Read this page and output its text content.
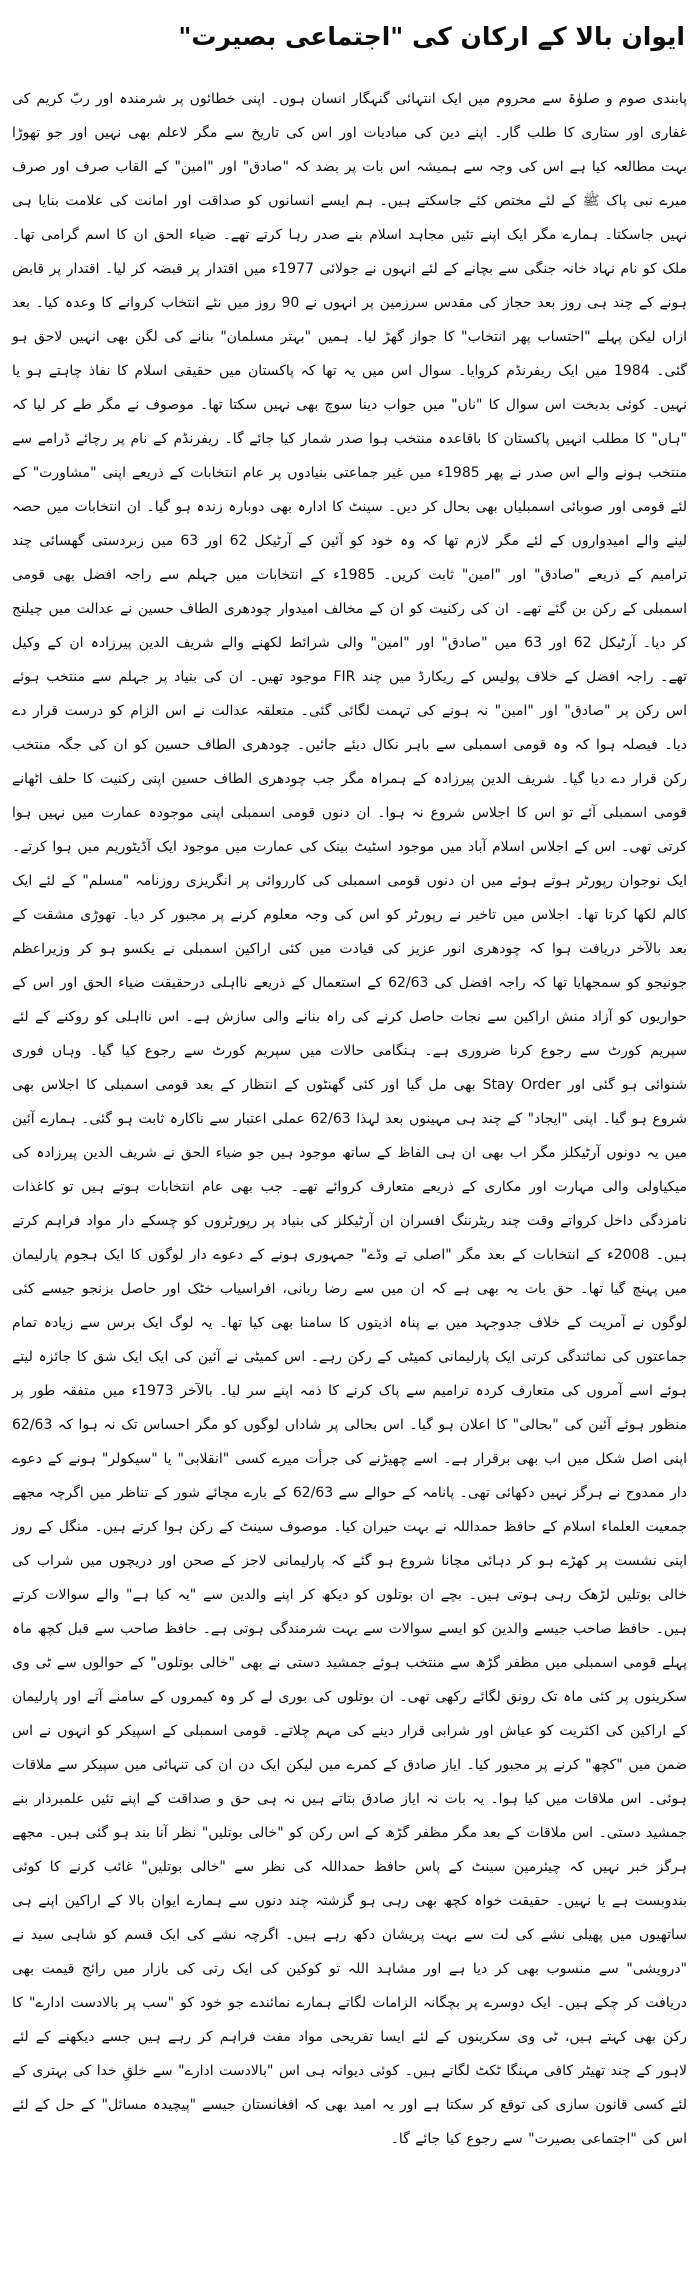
ایوان بالا کے ارکان کی "اجتماعی بصیرت"

پابندی صوم و صلوٰۃ سے محروم میں ایک انتہائی گنہگار انسان ہوں۔ اپنی خطائوں پر شرمندہ اور ربّ کریم کی غفاری اور ستاری کا طلب گار۔ اپنے دین کی مبادیات اور اس کی تاریخ سے مگر لاعلم بھی نہیں اور جو تھوڑا بہت مطالعہ کیا ہے اس کی وجہ سے ہمیشہ اس بات پر بضد کہ "صادق" اور "امین" کے القاب صرف اور صرف میرے نبی پاک ﷺ کے لئے مختص کئے جاسکتے ہیں۔ ہم ایسے انسانوں کو صداقت اور امانت کی علامت بنایا ہی نہیں جاسکتا۔ ہمارے مگر ایک اپنے تئیں مجاہد اسلام بنے صدر رہا کرتے تھے۔ ضیاء الحق ان کا اسم گرامی تھا۔ ملک کو نام نہاد خانہ جنگی سے بچانے کے لئے انہوں نے جولائی 1977ء میں اقتدار پر قبضہ کر لیا۔ اقتدار پر قابض ہونے کے چند ہی روز بعد حجاز کی مقدس سرزمین پر انہوں نے 90 روز میں نئے انتخاب کروانے کا وعدہ کیا۔ بعد ازاں لیکن پہلے "احتساب پھر انتخاب" کا جواز گھڑ لیا۔ ہمیں "بہتر مسلمان" بنانے کی لگن بھی انہیں لاحق ہو گئی۔ 1984 میں ایک ریفرنڈم کروایا۔ سوال اس میں یہ تھا کہ پاکستان میں حقیقی اسلام کا نفاذ چاہتے ہو یا نہیں۔ کوئی بدبخت اس سوال کا "ناں" میں جواب دینا سوچ بھی نہیں سکتا تھا۔ موصوف نے مگر طے کر لیا کہ "ہاں" کا مطلب انہیں پاکستان کا باقاعدہ منتخب ہوا صدر شمار کیا جائے گا۔ ریفرنڈم کے نام پر رچائے ڈرامے سے منتخب ہونے والے اس صدر نے پھر 1985ء میں غیر جماعتی بنیادوں پر عام انتخابات کے ذریعے اپنی "مشاورت" کے لئے قومی اور صوبائی اسمبلیاں بھی بحال کر دیں۔ سینٹ کا ادارہ بھی دوبارہ زندہ ہو گیا۔ ان انتخابات میں حصہ لینے والے امیدواروں کے لئے مگر لازم تھا کہ وہ خود کو آئین کے آرٹیکل 62 اور 63 میں زبردستی گھسائی چند ترامیم کے ذریعے "صادق" اور "امین" ثابت کریں۔ 1985ء کے انتخابات میں جہلم سے راجہ افضل بھی قومی اسمبلی کے رکن بن گئے تھے۔ ان کی رکنیت کو ان کے مخالف امیدوار چودھری الطاف حسین نے عدالت میں چیلنج کر دیا۔ آرٹیکل 62 اور 63 میں "صادق" اور "امین" والی شرائط لکھنے والے شریف الدین پیرزادہ ان کے وکیل تھے۔ راجہ افضل کے خلاف پولیس کے ریکارڈ میں چند FIR موجود تھیں۔ ان کی بنیاد پر جہلم سے منتخب ہوئے اس رکن پر "صادق" اور "امین" نہ ہونے کی تہمت لگائی گئی۔ متعلقہ عدالت نے اس الزام کو درست قرار دے دیا۔ فیصلہ ہوا کہ وہ قومی اسمبلی سے باہر نکال دیئے جائیں۔ چودھری الطاف حسین کو ان کی جگہ منتخب رکن قرار دے دیا گیا۔ شریف الدین پیرزادہ کے ہمراہ مگر جب چودھری الطاف حسین اپنی رکنیت کا حلف اٹھانے قومی اسمبلی آئے تو اس کا اجلاس شروع نہ ہوا۔ ان دنوں قومی اسمبلی اپنی موجودہ عمارت میں نہیں ہوا کرتی تھی۔ اس کے اجلاس اسلام آباد میں موجود اسٹیٹ بینک کی عمارت میں موجود ایک آڈیٹوریم میں ہوا کرتے۔ ایک نوجوان رپورٹر ہوتے ہوئے میں ان دنوں قومی اسمبلی کی کارروائی پر انگریزی روزنامہ "مسلم" کے لئے ایک کالم لکھا کرتا تھا۔ اجلاس میں تاخیر نے رپورٹر کو اس کی وجہ معلوم کرنے پر مجبور کر دیا۔ تھوڑی مشقت کے بعد بالآخر دریافت ہوا کہ چودھری انور عزیز کی قیادت میں کئی اراکین اسمبلی نے یکسو ہو کر وزیراعظم جونیجو کو سمجھایا تھا کہ راجہ افضل کی 62/63 کے استعمال کے ذریعے نااہلی درحقیقت ضیاء الحق اور اس کے حواریوں کو آزاد منش اراکین سے نجات حاصل کرنے کی راہ بنانے والی سازش ہے۔ اس نااہلی کو روکنے کے لئے سپریم کورٹ سے رجوع کرنا ضروری ہے۔ ہنگامی حالات میں سپریم کورٹ سے رجوع کیا گیا۔ وہاں فوری شنوائی ہو گئی اور Stay Order بھی مل گیا اور کئی گھنٹوں کے انتظار کے بعد قومی اسمبلی کا اجلاس بھی شروع ہو گیا۔ اپنی "ایجاد" کے چند ہی مہینوں بعد لہذا 62/63 عملی اعتبار سے ناکارہ ثابت ہو گئی۔ ہمارے آئین میں یہ دونوں آرٹیکلز مگر اب بھی ان ہی الفاظ کے ساتھ موجود ہیں جو ضیاء الحق نے شریف الدین پیرزادہ کی میکیاولی والی مہارت اور مکاری کے ذریعے متعارف کروائے تھے۔ جب بھی عام انتخابات ہوتے ہیں تو کاغذات نامزدگی داخل کرواتے وقت چند ریٹرننگ افسران ان آرٹیکلز کی بنیاد پر رپورٹروں کو چسکے دار مواد فراہم کرتے ہیں۔ 2008ء کے انتخابات کے بعد مگر "اصلی تے وڈے" جمہوری ہونے کے دعوے دار لوگوں کا ایک ہجوم پارلیمان میں پہنچ گیا تھا۔ حق بات یہ بھی ہے کہ ان میں سے رضا ربانی، افراسیاب خٹک اور حاصل بزنجو جیسے کئی لوگوں نے آمریت کے خلاف جدوجہد میں بے پناہ اذیتوں کا سامنا بھی کیا تھا۔ یہ لوگ ایک برس سے زیادہ تمام جماعتوں کی نمائندگی کرتی ایک پارلیمانی کمیٹی کے رکن رہے۔ اس کمیٹی نے آئین کی ایک ایک شق کا جائزہ لیتے ہوئے اسے آمروں کی متعارف کردہ ترامیم سے پاک کرنے کا ذمہ اپنے سر لیا۔ بالآخر 1973ء میں متفقہ طور پر منظور ہوئے آئین کی "بحالی" کا اعلان ہو گیا۔ اس بحالی پر شاداں لوگوں کو مگر احساس تک نہ ہوا کہ 62/63 اپنی اصل شکل میں اب بھی برقرار ہے۔ اسے چھیڑنے کی جرأت میرے کسی "انقلابی" یا "سیکولر" ہونے کے دعوے دار ممدوح نے ہرگز نہیں دکھائی تھی۔ پانامہ کے حوالے سے 62/63 کے بارے مچائے شور کے تناظر میں اگرچہ مجھے جمعیت العلماء اسلام کے حافظ حمداللہ نے بہت حیران کیا۔ موصوف سینٹ کے رکن ہوا کرتے ہیں۔ منگل کے روز اپنی نشست پر کھڑے ہو کر دہائی مچانا شروع ہو گئے کہ پارلیمانی لاجز کے صحن اور دریچوں میں شراب کی خالی بوتلیں لڑھک رہی ہوتی ہیں۔ بچے ان بوتلوں کو دیکھ کر اپنے والدین سے "یہ کیا ہے" والے سوالات کرتے ہیں۔ حافظ صاحب جیسے والدین کو ایسے سوالات سے بہت شرمندگی ہوتی ہے۔ حافظ صاحب سے قبل کچھ ماہ پہلے قومی اسمبلی میں مظفر گڑھ سے منتخب ہوئے جمشید دستی نے بھی "خالی بوتلوں" کے حوالوں سے ٹی وی سکرینوں پر کئی ماہ تک رونق لگائے رکھی تھی۔ ان بوتلوں کی بوری لے کر وہ کیمروں کے سامنے آتے اور پارلیمان کے اراکین کی اکثریت کو عیاش اور شرابی قرار دینے کی مہم چلاتے۔ قومی اسمبلی کے اسپیکر کو انہوں نے اس ضمن میں "کچھ" کرنے پر مجبور کیا۔ ایاز صادق کے کمرے میں لیکن ایک دن ان کی تنہائی میں سپیکر سے ملاقات ہوئی۔ اس ملاقات میں کیا ہوا۔ یہ بات نہ ایاز صادق بتاتے ہیں نہ ہی حق و صداقت کے اپنے تئیں علمبردار بنے جمشید دستی۔ اس ملاقات کے بعد مگر مظفر گڑھ کے اس رکن کو "خالی بوتلیں" نظر آنا بند ہو گئی ہیں۔ مجھے ہرگز خبر نہیں کہ چیئرمین سینٹ کے پاس حافظ حمداللہ کی نظر سے "خالی بوتلیں" غائب کرنے کا کوئی بندوبست ہے یا نہیں۔ حقیقت خواہ کچھ بھی رہی ہو گزشتہ چند دنوں سے ہمارے ایوان بالا کے اراکین اپنے ہی ساتھیوں میں پھیلی نشے کی لت سے بہت پریشان دکھ رہے ہیں۔ اگرچہ نشے کی ایک قسم کو شاہی سید نے "درویشی" سے منسوب بھی کر دیا ہے اور مشاہد اللہ تو کوکین کی ایک رتی کی بازار میں رائج قیمت بھی دریافت کر چکے ہیں۔ ایک دوسرے پر بچگانہ الزامات لگاتے ہمارے نمائندے جو خود کو "سب پر بالادست ادارے" کا رکن بھی کہتے ہیں، ٹی وی سکرینوں کے لئے ایسا تفریحی مواد مفت فراہم کر رہے ہیں جسے دیکھنے کے لئے لاہور کے چند تھیٹر کافی مہنگا ٹکٹ لگاتے ہیں۔ کوئی دیوانہ ہی اس "بالادست ادارے" سے خلقِ خدا کی بہتری کے لئے کسی قانون سازی کی توقع کر سکتا ہے اور یہ امید بھی کہ افغانستان جیسے "پیچیدہ مسائل" کے حل کے لئے اس کی "اجتماعی بصیرت" سے رجوع کیا جائے گا۔
